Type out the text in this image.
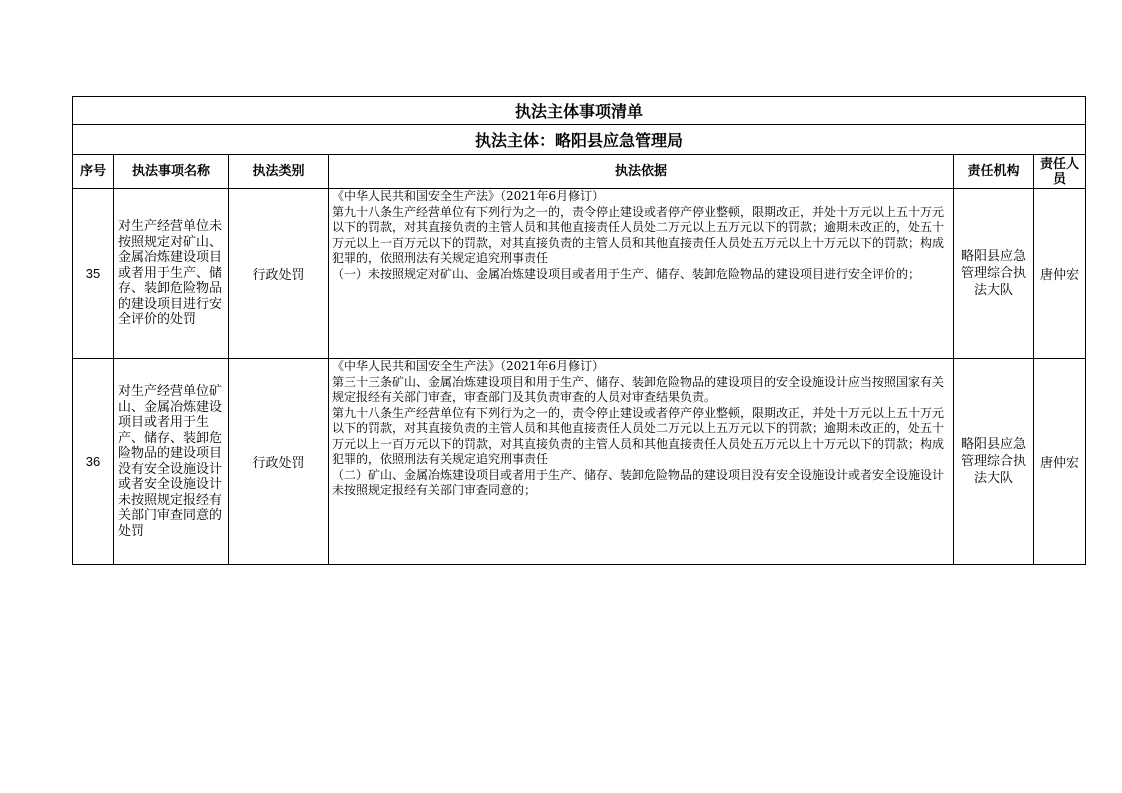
执法主体事项清单					
执法主体：略阳县应急管理局					
序号	执法事项名称	执法类别	执法依据	责任机构	责任人员
35	对生产经营单位未按照规定对矿山、金属冶炼建设项目或者用于生产、储存、装卸危险物品的建设项目进行安全评价的处罚	行政处罚	《中华人民共和国安全生产法》（2021年6月修订）
第九十八条生产经营单位有下列行为之一的，责令停止建设或者停产停业整顿，限期改正，并处十万元以上五十万元以下的罚款，对其直接负责的主管人员和其他直接责任人员处二万元以上五万元以下的罚款；逾期未改正的，处五十万元以上一百万元以下的罚款，对其直接负责的主管人员和其他直接责任人员处五万元以上十万元以下的罚款；构成犯罪的，依照刑法有关规定追究刑事责任
（一）未按照规定对矿山、金属冶炼建设项目或者用于生产、储存、装卸危险物品的建设项目进行安全评价的；	略阳县应急管理综合执法大队	唐仲宏
36	对生产经营单位矿山、金属冶炼建设项目或者用于生产、储存、装卸危险物品的建设项目没有安全设施设计或者安全设施设计未按照规定报经有关部门审查同意的处罚	行政处罚	《中华人民共和国安全生产法》（2021年6月修订）
第三十三条矿山、金属冶炼建设项目和用于生产、储存、装卸危险物品的建设项目的安全设施设计应当按照国家有关规定报经有关部门审查，审查部门及其负责审查的人员对审查结果负责。
第九十八条生产经营单位有下列行为之一的，责令停止建设或者停产停业整顿，限期改正，并处十万元以上五十万元以下的罚款，对其直接负责的主管人员和其他直接责任人员处二万元以上五万元以下的罚款；逾期未改正的，处五十万元以上一百万元以下的罚款，对其直接负责的主管人员和其他直接责任人员处五万元以上十万元以下的罚款；构成犯罪的，依照刑法有关规定追究刑事责任
（二）矿山、金属冶炼建设项目或者用于生产、储存、装卸危险物品的建设项目没有安全设施设计或者安全设施设计未按照规定报经有关部门审查同意的；	略阳县应急管理综合执法大队	唐仲宏
